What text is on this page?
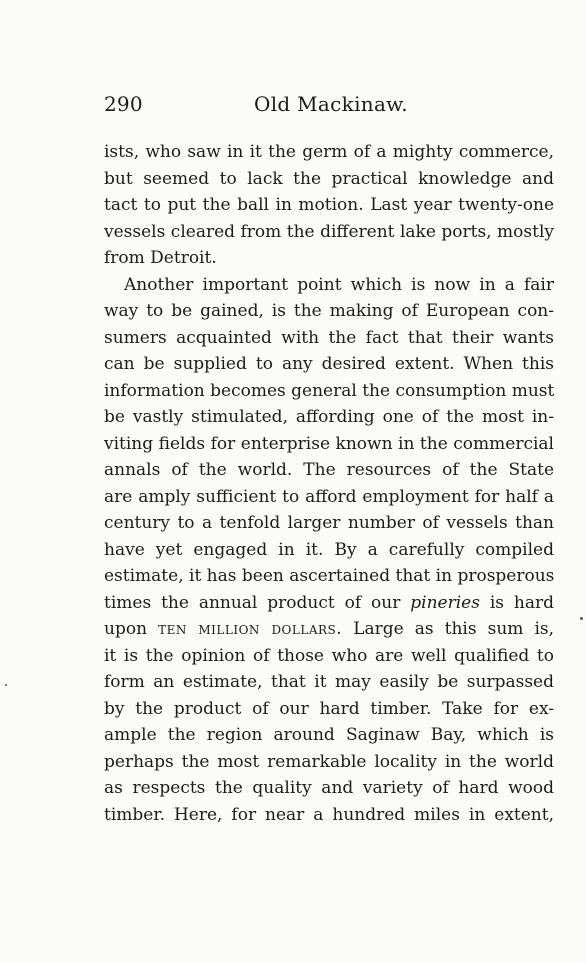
290	Old Mackinaw.
ists, who saw in it the germ of a mighty commerce,
but seemed to lack the practical knowledge and
tact to put the ball in motion. Last year twenty-one
vessels cleared from the different lake ports, mostly
from Detroit.
Another important point which is now in a fair
way to be gained, is the making of European con-
sumers acquainted with the fact that their wants
can be supplied to any desired extent. When this
information becomes general the consumption must
be vastly stimulated, affording one of the most in-
viting fields for enterprise known in the commercial
annals of the world. The resources of the State
are amply sufficient to afford employment for half a
century to a tenfold larger number of vessels than
have yet engaged in it. By a carefully compiled
estimate, it has been ascertained that in prosperous
times the annual product of our pineries is hard
upon ten million dollars. Large as this sum is,
it is the opinion of those who are well qualified to
form an estimate, that it may easily be surpassed
by the product of our hard timber. Take for ex-
ample the region around Saginaw Bay, which is
perhaps the most remarkable locality in the world
as respects the quality and variety of hard wood
timber. Here, for near a hundred miles in extent,
